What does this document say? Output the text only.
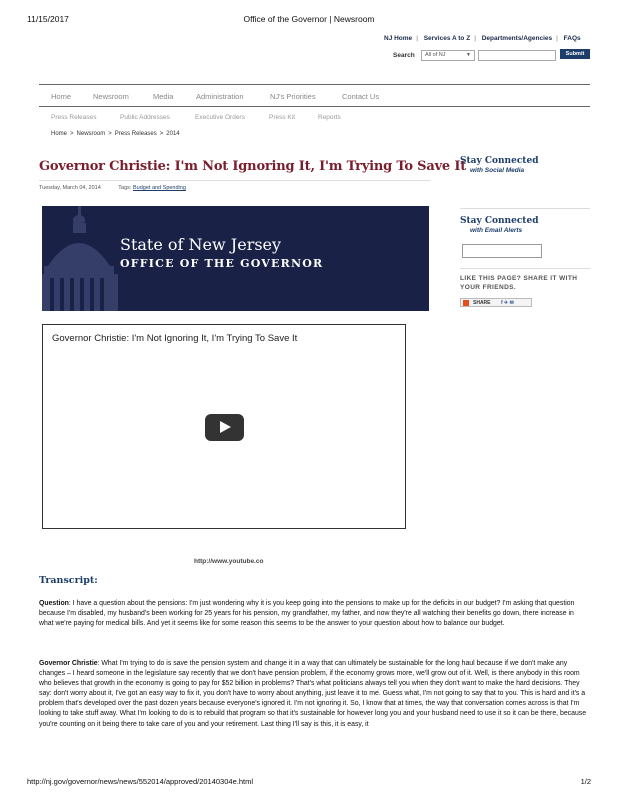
11/15/2017	Office of the Governor | Newsroom
NJ Home | Services A to Z | Departments/Agencies | FAQs
Search	All of NJ	▼	Submit
Home	Newsroom	Media	Administration	NJ's Priorities	Contact Us
Press Releases	Public Addresses	Executive Orders	Press Kit	Reports
Home > Newsroom > Press Releases > 2014
Governor Christie: I'm Not Ignoring It, I'm Trying To Save It
Tuesday, March 04, 2014	Tags: Budget and Spending
State of New Jersey
OFFICE OF THE GOVERNOR
Governor Christie: I'm Not Ignoring It, I'm Trying To Save It
http://www.youtube.co
Transcript:

Question: I have a question about the pensions: I'm just wondering why it is you keep going into the pensions to make up for the deficits in our budget? I'm asking that question because I'm disabled, my husband's been working for 25 years for his pension, my grandfather, my father, and now they're all watching their benefits go down, there increase in what we're paying for medical bills. And yet it seems like for some reason this seems to be the answer to your question about how to balance our budget.

Governor Christie: What I'm trying to do is save the pension system and change it in a way that can ultimately be sustainable for the long haul because if we don't make any changes – I heard someone in the legislature say recently that we don't have pension problem, if the economy grows more, we'll grow out of it. Well, is there anybody in this room who believes that growth in the economy is going to pay for $52 billion in problems? That's what politicians always tell you when they don't want to make the hard decisions. They say: don't worry about it, I've got an easy way to fix it, you don't have to worry about anything, just leave it to me. Guess what, I'm not going to say that to you. This is hard and it's a problem that's developed over the past dozen years because everyone's ignored it. I'm not ignoring it. So, I know that at times, the way that conversation comes across is that I'm looking to take stuff away. What I'm looking to do is to rebuild that program so that it's sustainable for however long you and your husband need to use it so it can be there, because you're counting on it being there to take care of you and your retirement. Last thing I'll say is this, it is easy, it

Stay Connected
with Social Media
Stay Connected
with Email Alerts
LIKE THIS PAGE? SHARE IT WITH YOUR FRIENDS.
SHARE f ✈ ✉
http://nj.gov/governor/news/news/552014/approved/20140304e.html	1/2
